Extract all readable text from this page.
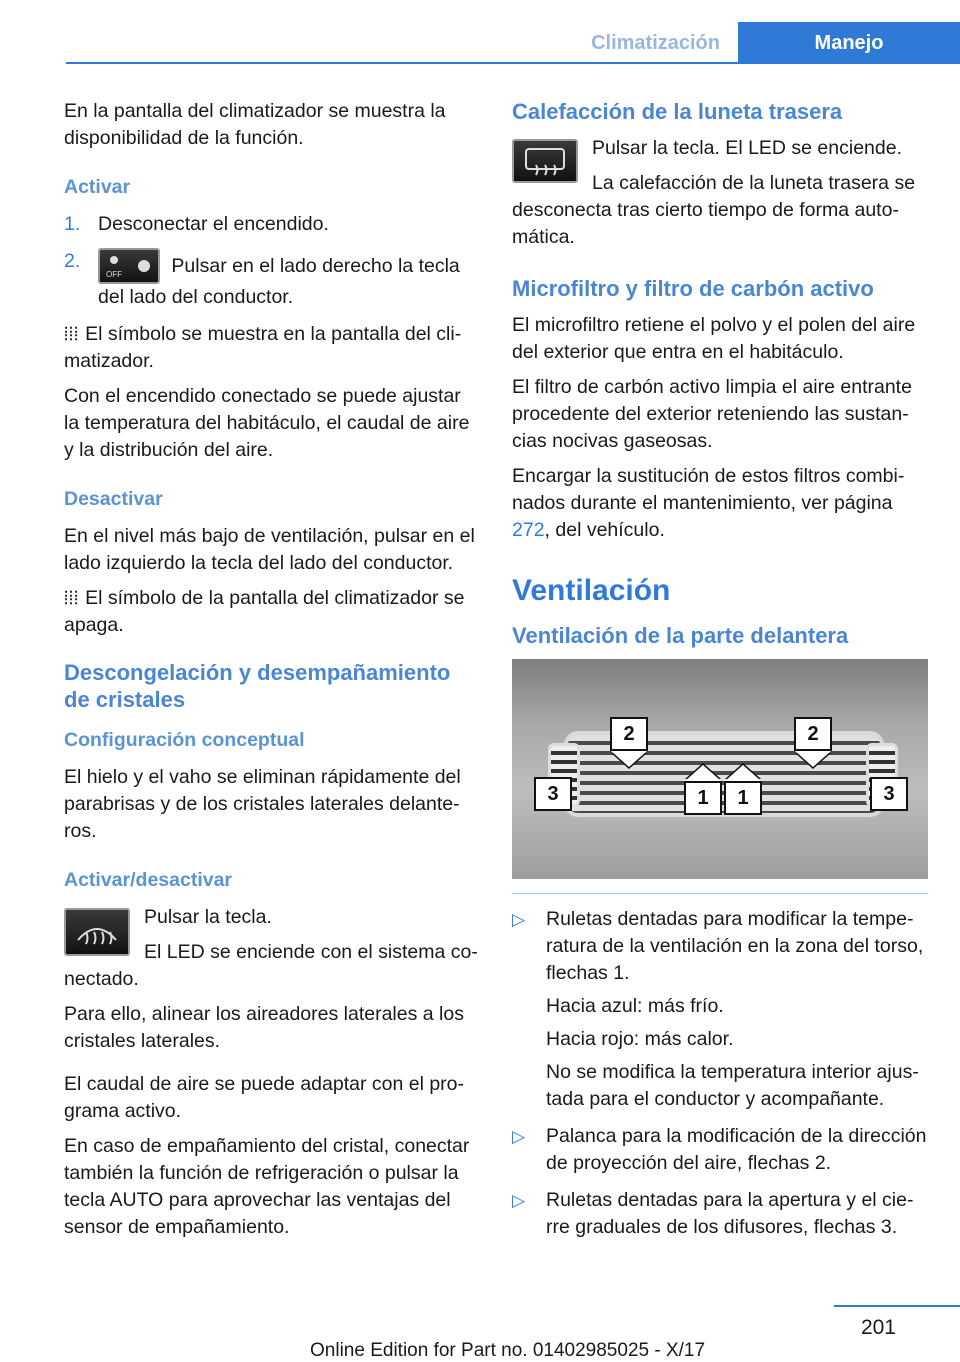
Climatización	Manejo

En la pantalla del climatizador se muestra la disponibilidad de la función.

Activar
1. Desconectar el encendido.
2.
OFF	Pulsar en el lado derecho la tecla del lado del conductor.

⦙⦙⦙ El símbolo se muestra en la pantalla del climatizador.

Con el encendido conectado se puede ajustar la temperatura del habitáculo, el caudal de aire y la distribución del aire.

Desactivar

En el nivel más bajo de ventilación, pulsar en el lado izquierdo la tecla del lado del conductor.

⦙⦙⦙ El símbolo de la pantalla del climatizador se apaga.

Descongelación y desempañamiento de cristales
Configuración conceptual

El hielo y el vaho se eliminan rápidamente del parabrisas y de los cristales laterales delanteros.

Activar/desactivar

Pulsar la tecla.

El LED se enciende con el sistema conectado.

Para ello, alinear los aireadores laterales a los cristales laterales.

El caudal de aire se puede adaptar con el programa activo.

En caso de empañamiento del cristal, conectar también la función de refrigeración o pulsar la tecla AUTO para aprovechar las ventajas del sensor de empañamiento.

Calefacción de la luneta trasera

Pulsar la tecla. El LED se enciende.

La calefacción de la luneta trasera se desconecta tras cierto tiempo de forma automática.

Microfiltro y filtro de carbón activo

El microfiltro retiene el polvo y el polen del aire del exterior que entra en el habitáculo.

El filtro de carbón activo limpia el aire entrante procedente del exterior reteniendo las sustancias nocivas gaseosas.

Encargar la sustitución de estos filtros combinados durante el mantenimiento, ver página 272, del vehículo.

Ventilación
Ventilación de la parte delantera
2	2
1	1
3	3
▷ Ruletas dentadas para modificar la temperatura de la ventilación en la zona del torso, flechas 1.

Hacia azul: más frío.

Hacia rojo: más calor.

No se modifica la temperatura interior ajustada para el conductor y acompañante.

▷ Palanca para la modificación de la dirección de proyección del aire, flechas 2.

▷ Ruletas dentadas para la apertura y el cierre graduales de los difusores, flechas 3.

201
Online Edition for Part no. 01402985025 - X/17
